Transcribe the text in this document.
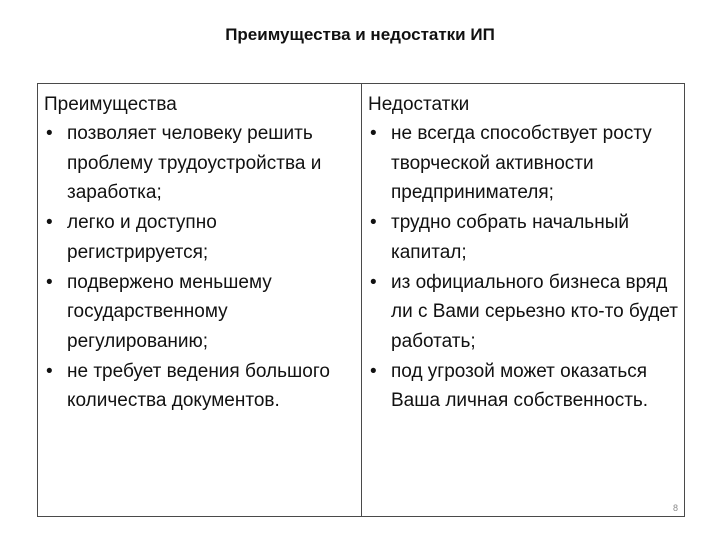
Преимущества и недостатки ИП
Преимущества
• позволяет человеку решить проблему трудоустройства и заработка;
• легко и доступно регистрируется;
• подвержено меньшему государственному регулированию;
• не требует ведения большого количества документов.
Недостатки
• не всегда способствует росту творческой активности предпринимателя;
• трудно собрать начальный капитал;
• из официального бизнеса вряд ли с Вами серьезно кто-то будет работать;
• под угрозой может оказаться Ваша личная собственность.
8
